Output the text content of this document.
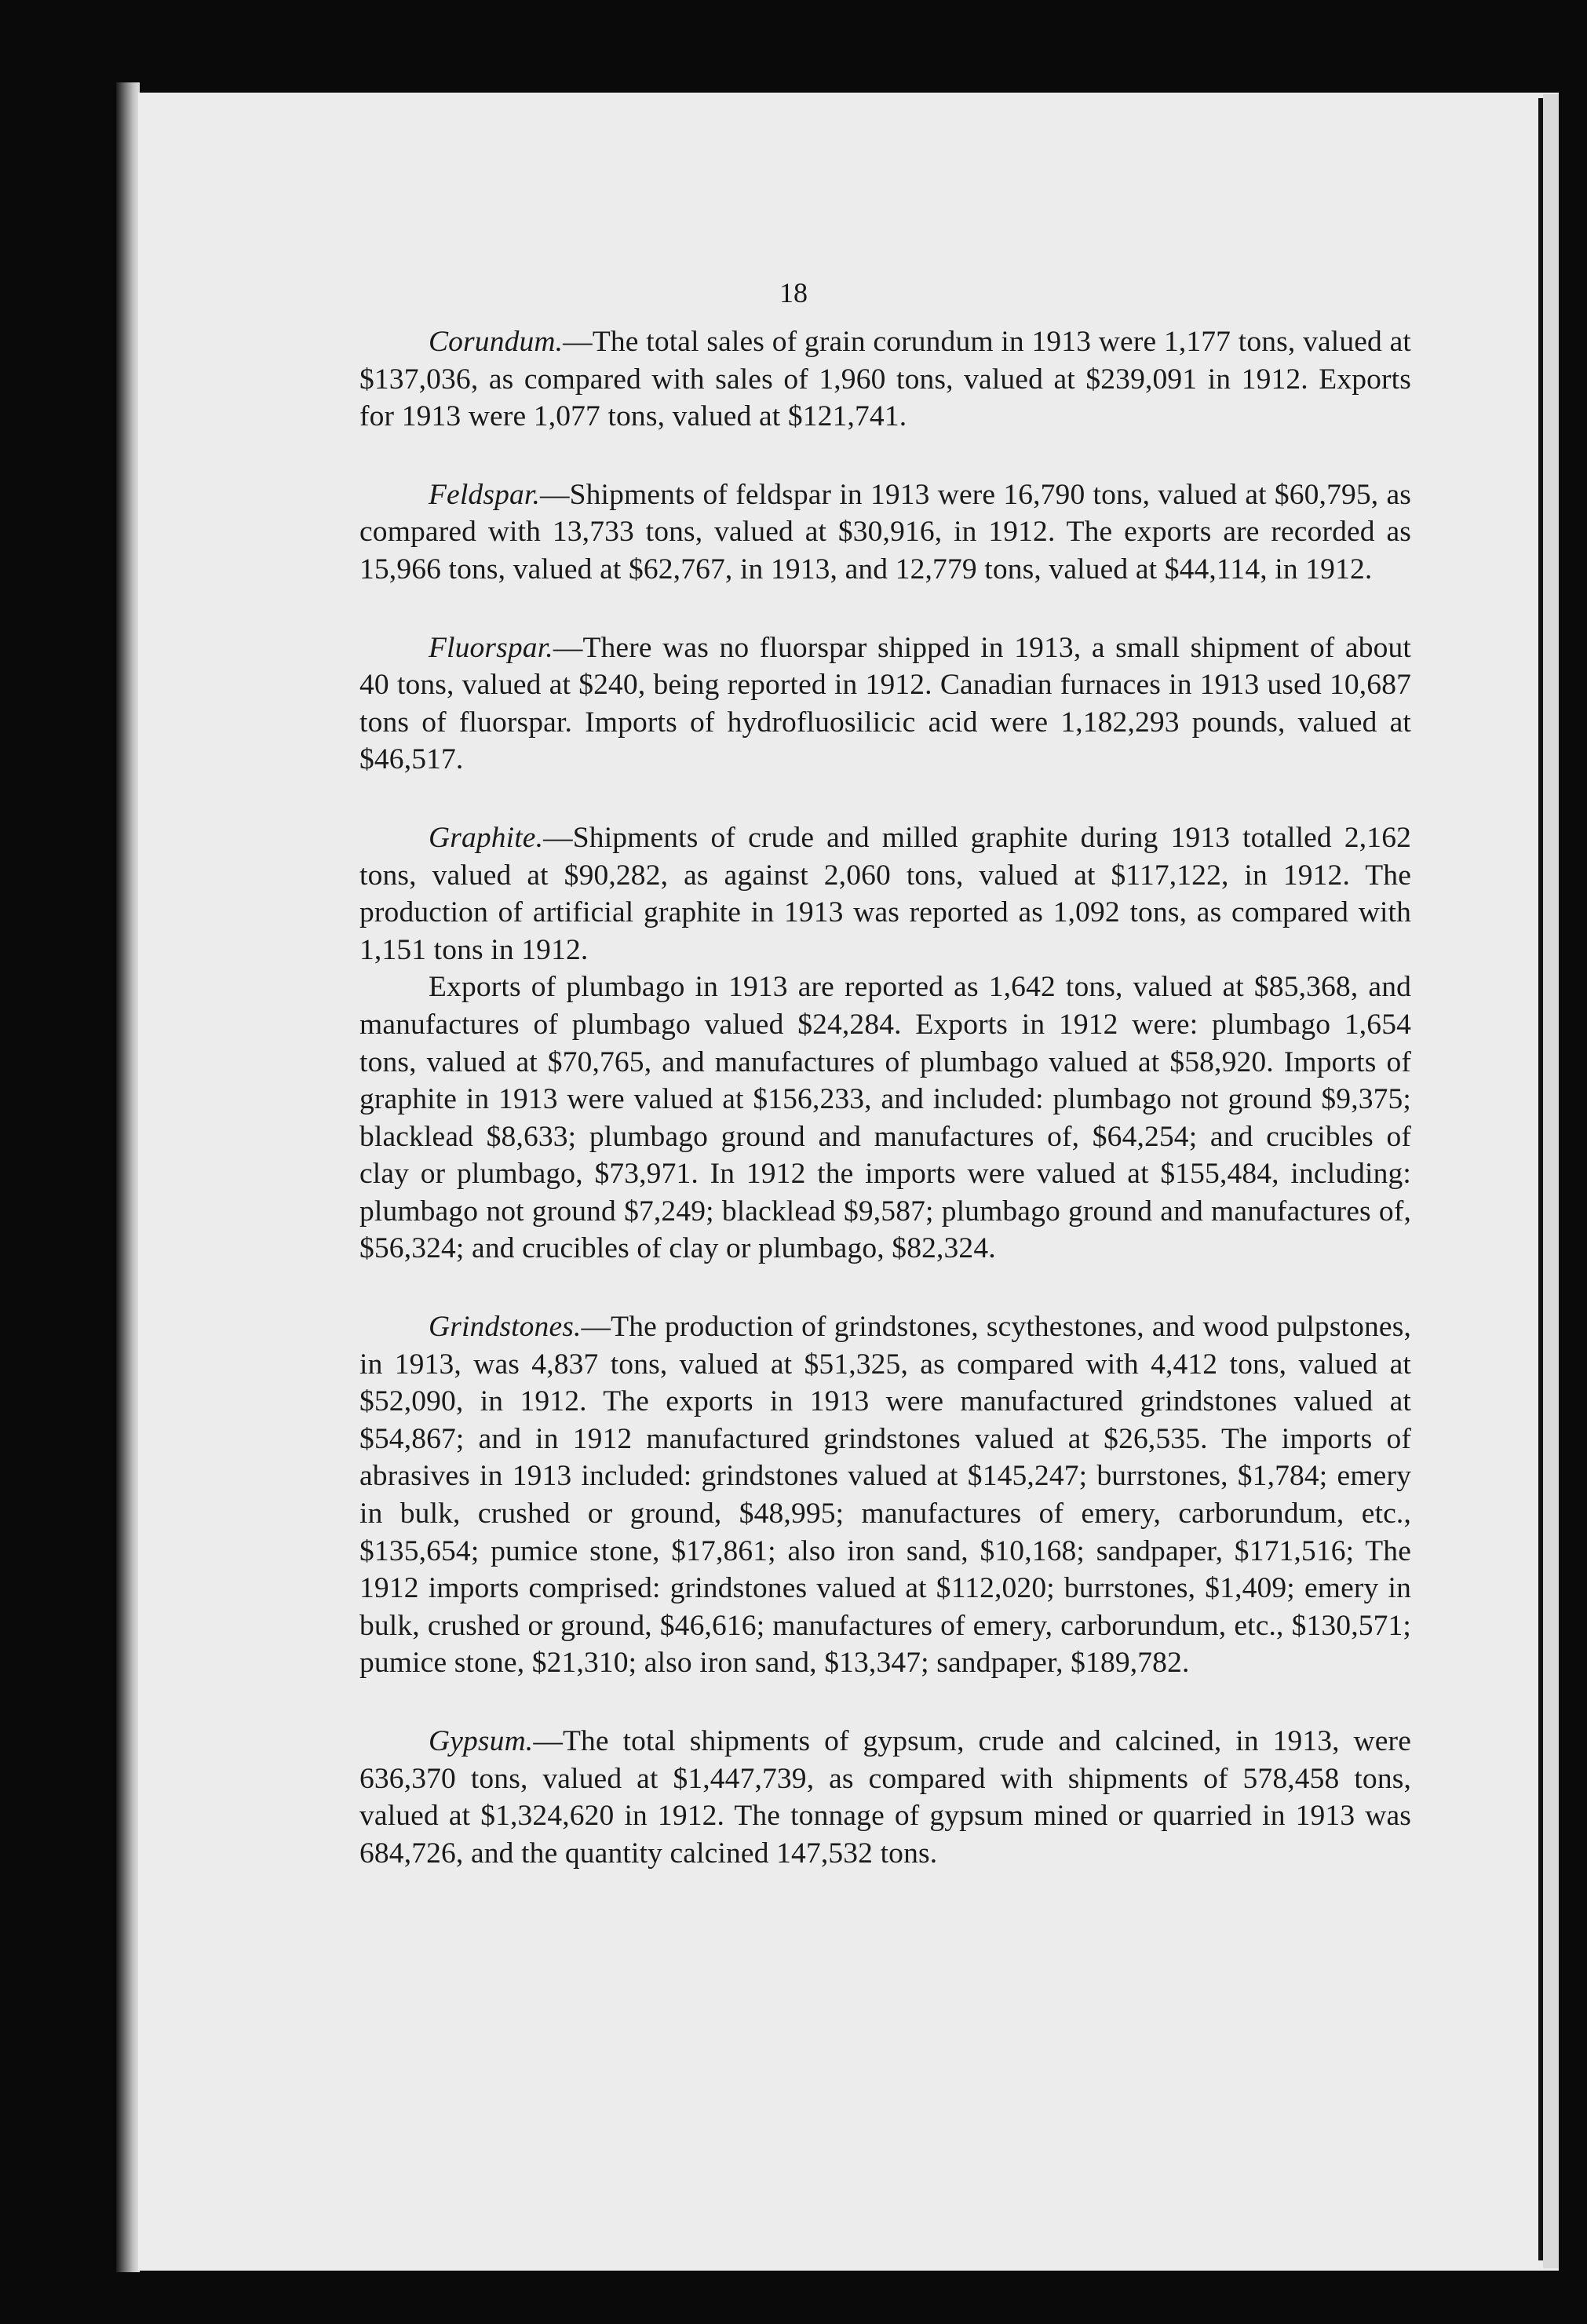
18

Corundum.—The total sales of grain corundum in 1913 were 1,177 tons, valued at $137,036, as compared with sales of 1,960 tons, valued at $239,091 in 1912. Exports for 1913 were 1,077 tons, valued at $121,741.

Feldspar.—Shipments of feldspar in 1913 were 16,790 tons, valued at $60,795, as compared with 13,733 tons, valued at $30,916, in 1912. The exports are recorded as 15,966 tons, valued at $62,767, in 1913, and 12,779 tons, valued at $44,114, in 1912.

Fluorspar.—There was no fluorspar shipped in 1913, a small shipment of about 40 tons, valued at $240, being reported in 1912. Canadian furnaces in 1913 used 10,687 tons of fluorspar. Imports of hydrofluosilicic acid were 1,182,293 pounds, valued at $46,517.

Graphite.—Shipments of crude and milled graphite during 1913 totalled 2,162 tons, valued at $90,282, as against 2,060 tons, valued at $117,122, in 1912. The production of artificial graphite in 1913 was reported as 1,092 tons, as compared with 1,151 tons in 1912.

Exports of plumbago in 1913 are reported as 1,642 tons, valued at $85,368, and manufactures of plumbago valued $24,284. Exports in 1912 were: plumbago 1,654 tons, valued at $70,765, and manufactures of plumbago valued at $58,920. Imports of graphite in 1913 were valued at $156,233, and included: plumbago not ground $9,375; blacklead $8,633; plumbago ground and manufactures of, $64,254; and crucibles of clay or plumbago, $73,971. In 1912 the imports were valued at $155,484, including: plumbago not ground $7,249; blacklead $9,587; plumbago ground and manufactures of, $56,324; and crucibles of clay or plumbago, $82,324.

Grindstones.—The production of grindstones, scythestones, and wood pulpstones, in 1913, was 4,837 tons, valued at $51,325, as compared with 4,412 tons, valued at $52,090, in 1912. The exports in 1913 were manufactured grindstones valued at $54,867; and in 1912 manufactured grindstones valued at $26,535. The imports of abrasives in 1913 included: grindstones valued at $145,247; burrstones, $1,784; emery in bulk, crushed or ground, $48,995; manufactures of emery, carborundum, etc., $135,654; pumice stone, $17,861; also iron sand, $10,168; sandpaper, $171,516; The 1912 imports comprised: grindstones valued at $112,020; burrstones, $1,409; emery in bulk, crushed or ground, $46,616; manufactures of emery, carborundum, etc., $130,571; pumice stone, $21,310; also iron sand, $13,347; sandpaper, $189,782.

Gypsum.—The total shipments of gypsum, crude and calcined, in 1913, were 636,370 tons, valued at $1,447,739, as compared with shipments of 578,458 tons, valued at $1,324,620 in 1912. The tonnage of gypsum mined or quarried in 1913 was 684,726, and the quantity calcined 147,532 tons.
